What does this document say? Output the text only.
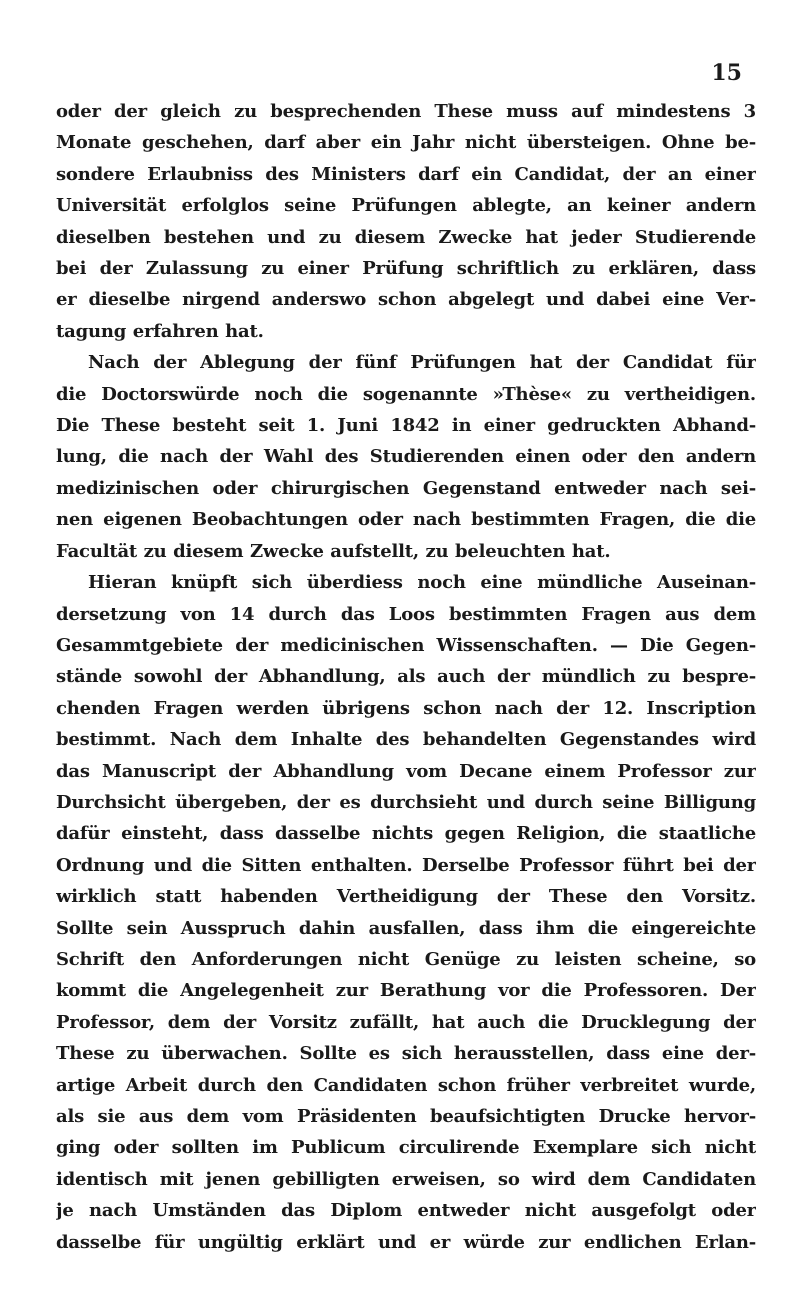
15
oder der gleich zu besprechenden These muss auf mindestens 3
Monate geschehen, darf aber ein Jahr nicht übersteigen. Ohne be-
sondere Erlaubniss des Ministers darf ein Candidat, der an einer
Universität erfolglos seine Prüfungen ablegte, an keiner andern
dieselben bestehen und zu diesem Zwecke hat jeder Studierende
bei der Zulassung zu einer Prüfung schriftlich zu erklären, dass
er dieselbe nirgend anderswo schon abgelegt und dabei eine Ver-
tagung erfahren hat.
Nach der Ablegung der fünf Prüfungen hat der Candidat für
die Doctorswürde noch die sogenannte »Thèse« zu vertheidigen.
Die These besteht seit 1. Juni 1842 in einer gedruckten Abhand-
lung, die nach der Wahl des Studierenden einen oder den andern
medizinischen oder chirurgischen Gegenstand entweder nach sei-
nen eigenen Beobachtungen oder nach bestimmten Fragen, die die
Facultät zu diesem Zwecke aufstellt, zu beleuchten hat.
Hieran knüpft sich überdiess noch eine mündliche Auseinan-
dersetzung von 14 durch das Loos bestimmten Fragen aus dem
Gesammtgebiete der medicinischen Wissenschaften. — Die Gegen-
stände sowohl der Abhandlung, als auch der mündlich zu bespre-
chenden Fragen werden übrigens schon nach der 12. Inscription
bestimmt. Nach dem Inhalte des behandelten Gegenstandes wird
das Manuscript der Abhandlung vom Decane einem Professor zur
Durchsicht übergeben, der es durchsieht und durch seine Billigung
dafür einsteht, dass dasselbe nichts gegen Religion, die staatliche
Ordnung und die Sitten enthalten. Derselbe Professor führt bei der
wirklich statt habenden Vertheidigung der These den Vorsitz.
Sollte sein Ausspruch dahin ausfallen, dass ihm die eingereichte
Schrift den Anforderungen nicht Genüge zu leisten scheine, so
kommt die Angelegenheit zur Berathung vor die Professoren. Der
Professor, dem der Vorsitz zufällt, hat auch die Drucklegung der
These zu überwachen. Sollte es sich herausstellen, dass eine der-
artige Arbeit durch den Candidaten schon früher verbreitet wurde,
als sie aus dem vom Präsidenten beaufsichtigten Drucke hervor-
ging oder sollten im Publicum circulirende Exemplare sich nicht
identisch mit jenen gebilligten erweisen, so wird dem Candidaten
je nach Umständen das Diplom entweder nicht ausgefolgt oder
dasselbe für ungültig erklärt und er würde zur endlichen Erlan-
